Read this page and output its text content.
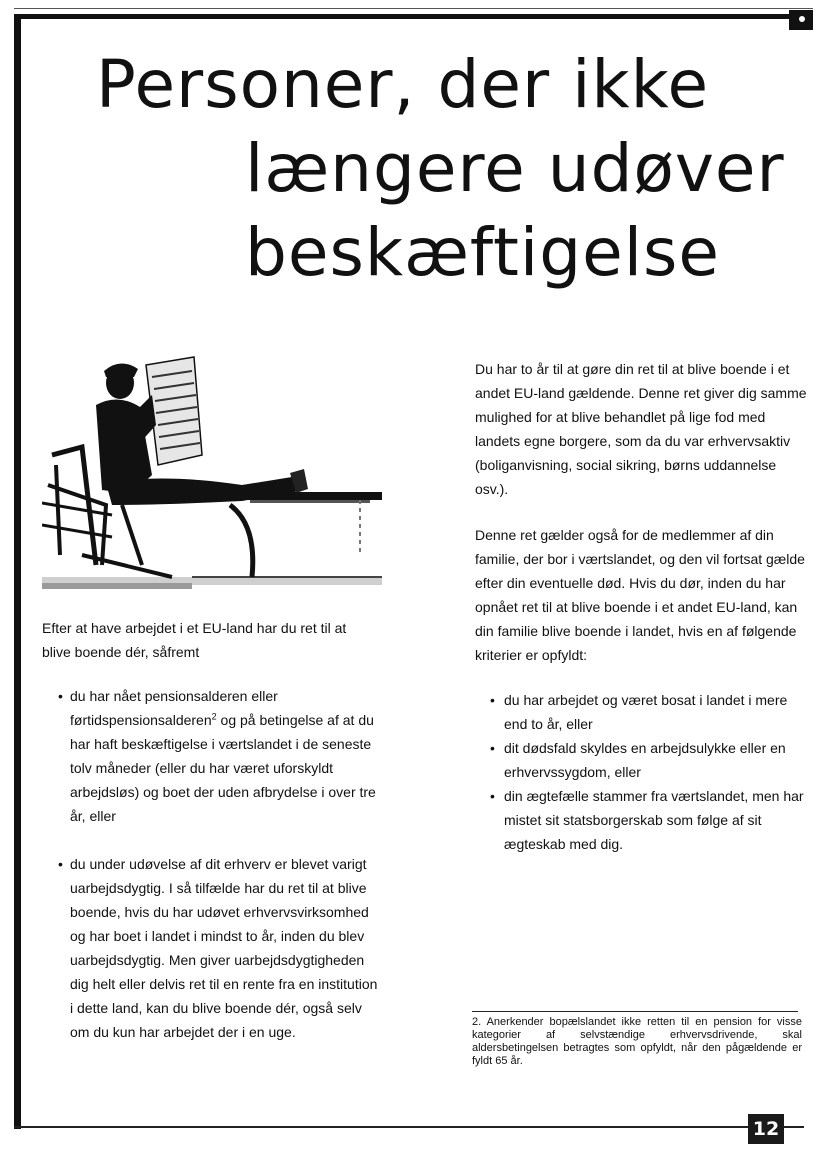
Personer, der ikke
længere udøver
beskæftigelse

Efter at have arbejdet i et EU-land har du ret til at blive boende dér, såfremt

• du har nået pensionsalderen eller førtidspensionsalderen$^2$ og på betingelse af at du har haft beskæftigelse i værtslandet i de seneste tolv måneder (eller du har været uforskyldt arbejdsløs) og boet der uden afbrydelse i over tre år, eller
• du under udøvelse af dit erhverv er blevet varigt uarbejdsdygtig. I så tilfælde har du ret til at blive boende, hvis du har udøvet erhvervsvirksomhed og har boet i landet i mindst to år, inden du blev uarbejdsdygtig. Men giver uarbejdsdygtigheden dig helt eller delvis ret til en rente fra en institution i dette land, kan du blive boende dér, også selv om du kun har arbejdet der i en uge.

Du har to år til at gøre din ret til at blive boende i et andet EU-land gældende. Denne ret giver dig samme mulighed for at blive behandlet på lige fod med landets egne borgere, som da du var erhvervsaktiv (boliganvisning, social sikring, børns uddannelse osv.).

Denne ret gælder også for de medlemmer af din familie, der bor i værtslandet, og den vil fortsat gælde efter din eventuelle død. Hvis du dør, inden du har opnået ret til at blive boende i et andet EU-land, kan din familie blive boende i landet, hvis en af følgende kriterier er opfyldt:

• du har arbejdet og været bosat i landet i mere end to år, eller
• dit dødsfald skyldes en arbejdsulykke eller en erhvervssygdom, eller
• din ægtefælle stammer fra værtslandet, men har mistet sit statsborgerskab som følge af sit ægteskab med dig.

2. Anerkender bopælslandet ikke retten til en pension for visse kategorier af selvstændige erhvervsdrivende, skal aldersbetingelsen betragtes som opfyldt, når den pågældende er fyldt 65 år.

12
